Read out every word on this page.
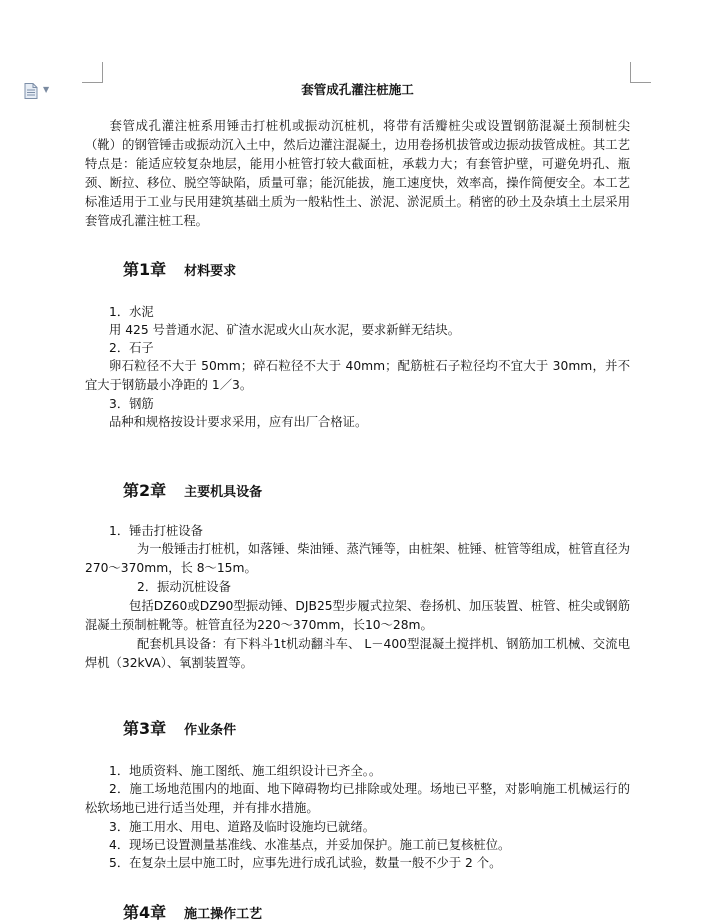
▼	套管成孔灌注桩施工
套管成孔灌注桩系用锤击打桩机或振动沉桩机，将带有活瓣桩尖或设置钢筋混凝土预制桩尖（靴）的钢管锤击或振动沉入土中，然后边灌注混凝土，边用卷扬机拔管或边振动拔管成桩。其工艺特点是：能适应较复杂地层，能用小桩管打较大截面桩，承载力大；有套管护壁，可避免坍孔、瓶颈、断拉、移位、脱空等缺陷，质量可靠；能沉能拔，施工速度快，效率高，操作简便安全。本工艺标准适用于工业与民用建筑基础土质为一般粘性土、淤泥、淤泥质土。稍密的砂土及杂填土土层采用套管成孔灌注桩工程。
第1章 材料要求
1．水泥
用 425 号普通水泥、矿渣水泥或火山灰水泥，要求新鲜无结块。
2．石子
卵石粒径不大于 50mm；碎石粒径不大于 40mm；配筋桩石子粒径均不宜大于 30mm，并不宜大于钢筋最小净距的 1／3。
3．钢筋
品种和规格按设计要求采用，应有出厂合格证。
第2章 主要机具设备
1．锤击打桩设备
为一般锤击打桩机，如落锤、柴油锤、蒸汽锤等，由桩架、桩锤、桩管等组成，桩管直径为270～370mm，长 8～15m。
2．振动沉桩设备
包括DZ60或DZ90型振动锤、DJB25型步履式拉架、卷扬机、加压装置、桩管、桩尖或钢筋混凝土预制桩靴等。桩管直径为220～370mm，长10～28m。
配套机具设备：有下料斗1t机动翻斗车、 L－400型混凝土搅拌机、钢筋加工机械、交流电焊机（32kVA）、氧割装置等。
第3章 作业条件
1．地质资料、施工图纸、施工组织设计已齐全。。
2．施工场地范围内的地面、地下障碍物均已排除或处理。场地已平整，对影响施工机械运行的松软场地已进行适当处理，并有排水措施。
3．施工用水、用电、道路及临时设施均已就绪。
4．现场已设置测量基准线、水准基点，并妥加保护。施工前已复核桩位。
5．在复杂土层中施工时，应事先进行成孔试验，数量一般不少于 2 个。
第4章 施工操作工艺
